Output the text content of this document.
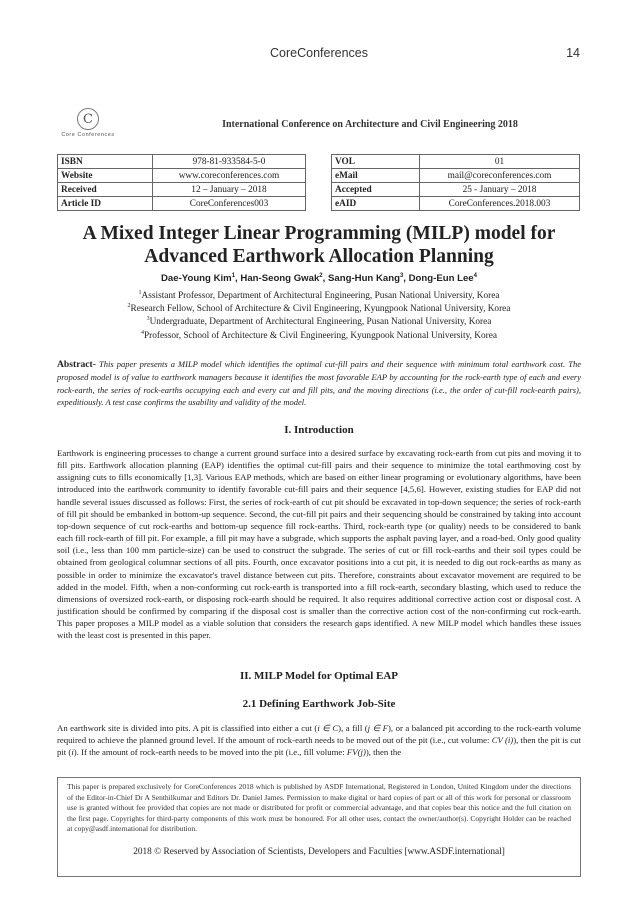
CoreConferences	14
C
Core Conferences
International Conference on Architecture and Civil Engineering 2018
ISBN	978-81-933584-5-0
Website	www.coreconferences.com
Received	12 – January – 2018
Article ID	CoreConferences003
VOL	01
eMail	mail@coreconferences.com
Accepted	25 - January – 2018
eAID	CoreConferences.2018.003
A Mixed Integer Linear Programming (MILP) model for
Advanced Earthwork Allocation Planning
Dae-Young Kim$^1$, Han-Seong Gwak$^2$, Sang-Hun Kang$^3$, Dong-Eun Lee$^4$
$^1$Assistant Professor, Department of Architectural Engineering, Pusan National University, Korea
$^2$Research Fellow, School of Architecture & Civil Engineering, Kyungpook National University, Korea
$^3$Undergraduate, Department of Architectural Engineering, Pusan National University, Korea
$^4$Professor, School of Architecture & Civil Engineering, Kyungpook National University, Korea
Abstract- This paper presents a MILP model which identifies the optimal cut-fill pairs and their sequence with minimum total earthwork cost. The proposed model is of value to earthwork managers because it identifies the most favorable EAP by accounting for the rock-earth type of each and every rock-earth, the series of rock-earths occupying each and every cut and fill pits, and the moving directions (i.e., the order of cut-fill rock-earth pairs), expeditiously. A test case confirms the usability and validity of the model.
I. Introduction
Earthwork is engineering processes to change a current ground surface into a desired surface by excavating rock-earth from cut pits and moving it to fill pits. Earthwork allocation planning (EAP) identifies the optimal cut-fill pairs and their sequence to minimize the total earthmoving cost by assigning cuts to fills economically [1,3]. Various EAP methods, which are based on either linear programing or evolutionary algorithms, have been introduced into the earthwork community to identify favorable cut-fill pairs and their sequence [4,5,6]. However, existing studies for EAP did not handle several issues discussed as follows: First, the series of rock-earth of cut pit should be excavated in top-down sequence; the series of rock-earth of fill pit should be embanked in bottom-up sequence. Second, the cut-fill pit pairs and their sequencing should be constrained by taking into account top-down sequence of cut rock-earths and bottom-up sequence fill rock-earths. Third, rock-earth type (or quality) needs to be considered to bank each fill rock-earth of fill pit. For example, a fill pit may have a subgrade, which supports the asphalt paving layer, and a road-bed. Only good quality soil (i.e., less than 100 mm particle-size) can be used to construct the subgrade. The series of cut or fill rock-earths and their soil types could be obtained from geological columnar sections of all pits. Fourth, once excavator positions into a cut pit, it is needed to dig out rock-earths as many as possible in order to minimize the excavator's travel distance between cut pits. Therefore, constraints about excavator movement are required to be added in the model. Fifth, when a non-conforming cut rock-earth is transported into a fill rock-earth, secondary blasting, which used to reduce the dimensions of oversized rock-earth, or disposing rock-earth should be required. It also requires additional corrective action cost or disposal cost. A justification should be confirmed by comparing if the disposal cost is smaller than the corrective action cost of the non-confirming cut rock-earth. This paper proposes a MILP model as a viable solution that considers the research gaps identified. A new MILP model which handles these issues with the least cost is presented in this paper.
II. MILP Model for Optimal EAP
2.1 Defining Earthwork Job-Site
An earthwork site is divided into pits. A pit is classified into either a cut (i ∈ C), a fill (j ∈ F), or a balanced pit according to the rock-earth volume required to achieve the planned ground level. If the amount of rock-earth needs to be moved out of the pit (i.e., cut volume: CV (i)), then the pit is cut pit (i). If the amount of rock-earth needs to be moved into the pit (i.e., fill volume: FV(j)), then the
This paper is prepared exclusively for CoreConferences 2018 which is published by ASDF International, Registered in London, United Kingdom under the directions of the Editor-in-Chief Dr A Senthilkumar and Editors Dr. Daniel James. Permission to make digital or hard copies of part or all of this work for personal or classroom use is granted without fee provided that copies are not made or distributed for profit or commercial advantage, and that copies bear this notice and the full citation on the first page. Copyrights for third-party components of this work must be honoured. For all other uses, contact the owner/author(s). Copyright Holder can be reached at copy@asdf.international for distribution.
2018 © Reserved by Association of Scientists, Developers and Faculties [www.ASDF.international]
